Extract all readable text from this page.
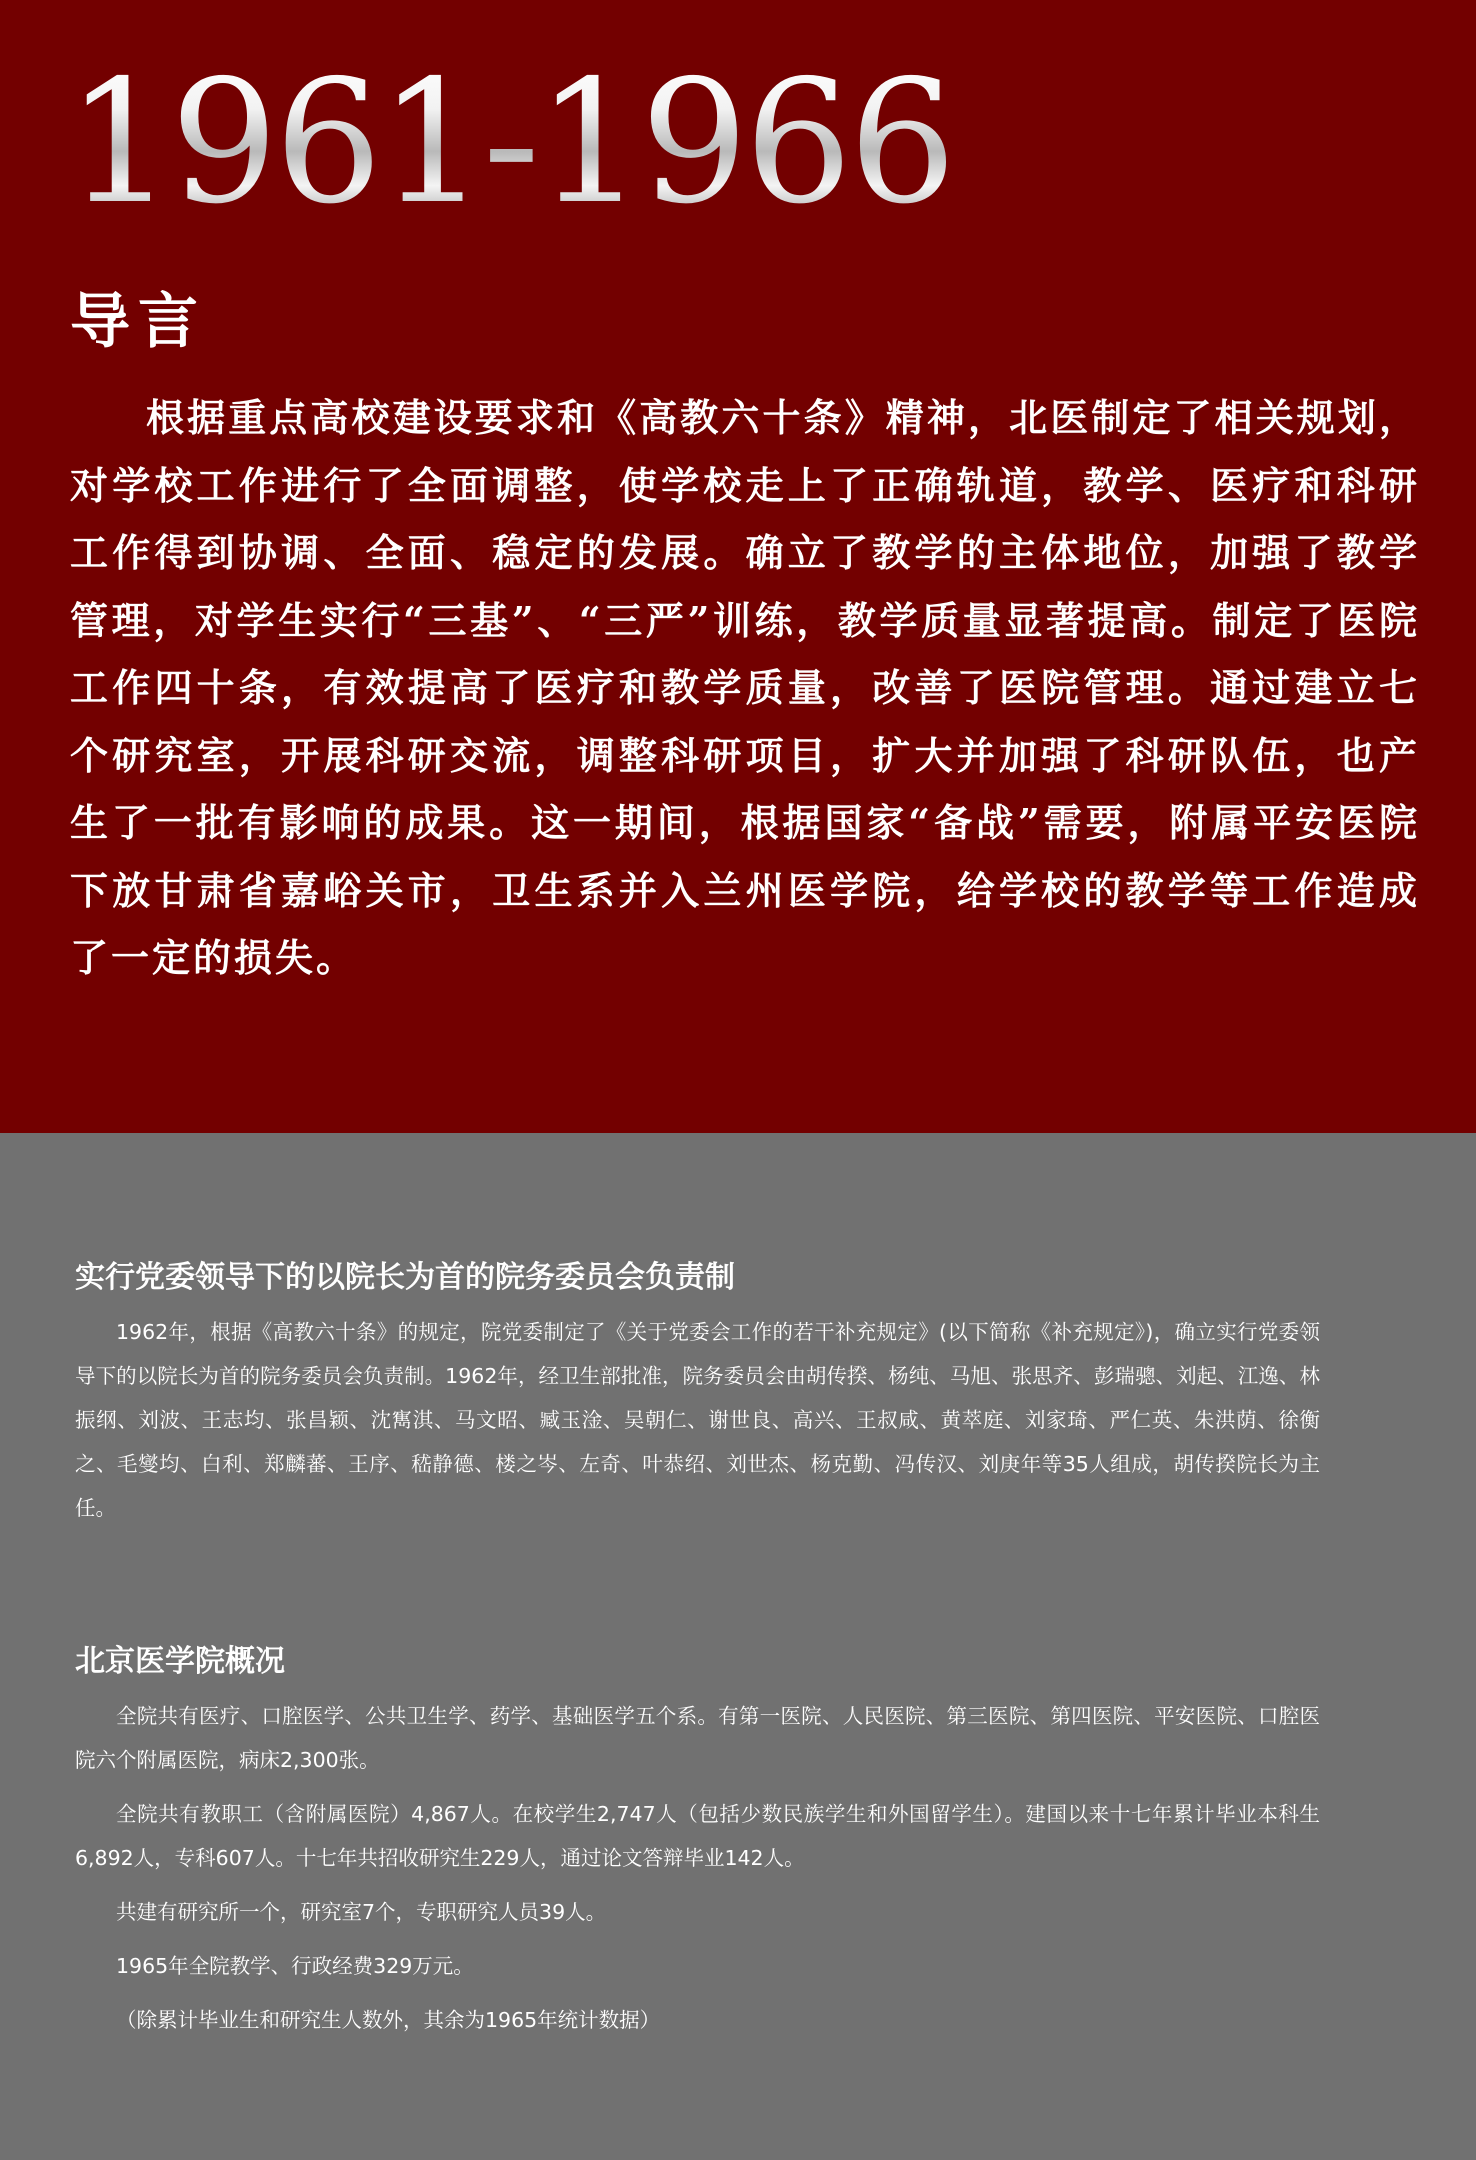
1961-1966
导言

根据重点高校建设要求和《高教六十条》精神，北医制定了相关规划，对学校工作进行了全面调整，使学校走上了正确轨道，教学、医疗和科研工作得到协调、全面、稳定的发展。确立了教学的主体地位，加强了教学管理，对学生实行“三基”、“三严”训练，教学质量显著提高。制定了医院工作四十条，有效提高了医疗和教学质量，改善了医院管理。通过建立七个研究室，开展科研交流，调整科研项目，扩大并加强了科研队伍，也产生了一批有影响的成果。这一期间，根据国家“备战”需要，附属平安医院下放甘肃省嘉峪关市，卫生系并入兰州医学院，给学校的教学等工作造成了一定的损失。

实行党委领导下的以院长为首的院务委员会负责制

1962年，根据《高教六十条》的规定，院党委制定了《关于党委会工作的若干补充规定》(以下简称《补充规定》)，确立实行党委领导下的以院长为首的院务委员会负责制。1962年，经卫生部批准，院务委员会由胡传揆、杨纯、马旭、张思齐、彭瑞骢、刘起、江逸、林振纲、刘波、王志均、张昌颖、沈寯淇、马文昭、臧玉淦、吴朝仁、谢世良、高兴、王叔咸、黄萃庭、刘家琦、严仁英、朱洪荫、徐衡之、毛燮均、白利、郑麟蕃、王序、嵇静德、楼之岑、左奇、叶恭绍、刘世杰、杨克勤、冯传汉、刘庚年等35人组成，胡传揆院长为主任。

北京医学院概况

全院共有医疗、口腔医学、公共卫生学、药学、基础医学五个系。有第一医院、人民医院、第三医院、第四医院、平安医院、口腔医院六个附属医院，病床2,300张。

全院共有教职工（含附属医院）4,867人。在校学生2,747人（包括少数民族学生和外国留学生）。建国以来十七年累计毕业本科生6,892人，专科607人。十七年共招收研究生229人，通过论文答辩毕业142人。

共建有研究所一个，研究室7个，专职研究人员39人。

1965年全院教学、行政经费329万元。

（除累计毕业生和研究生人数外，其余为1965年统计数据）
